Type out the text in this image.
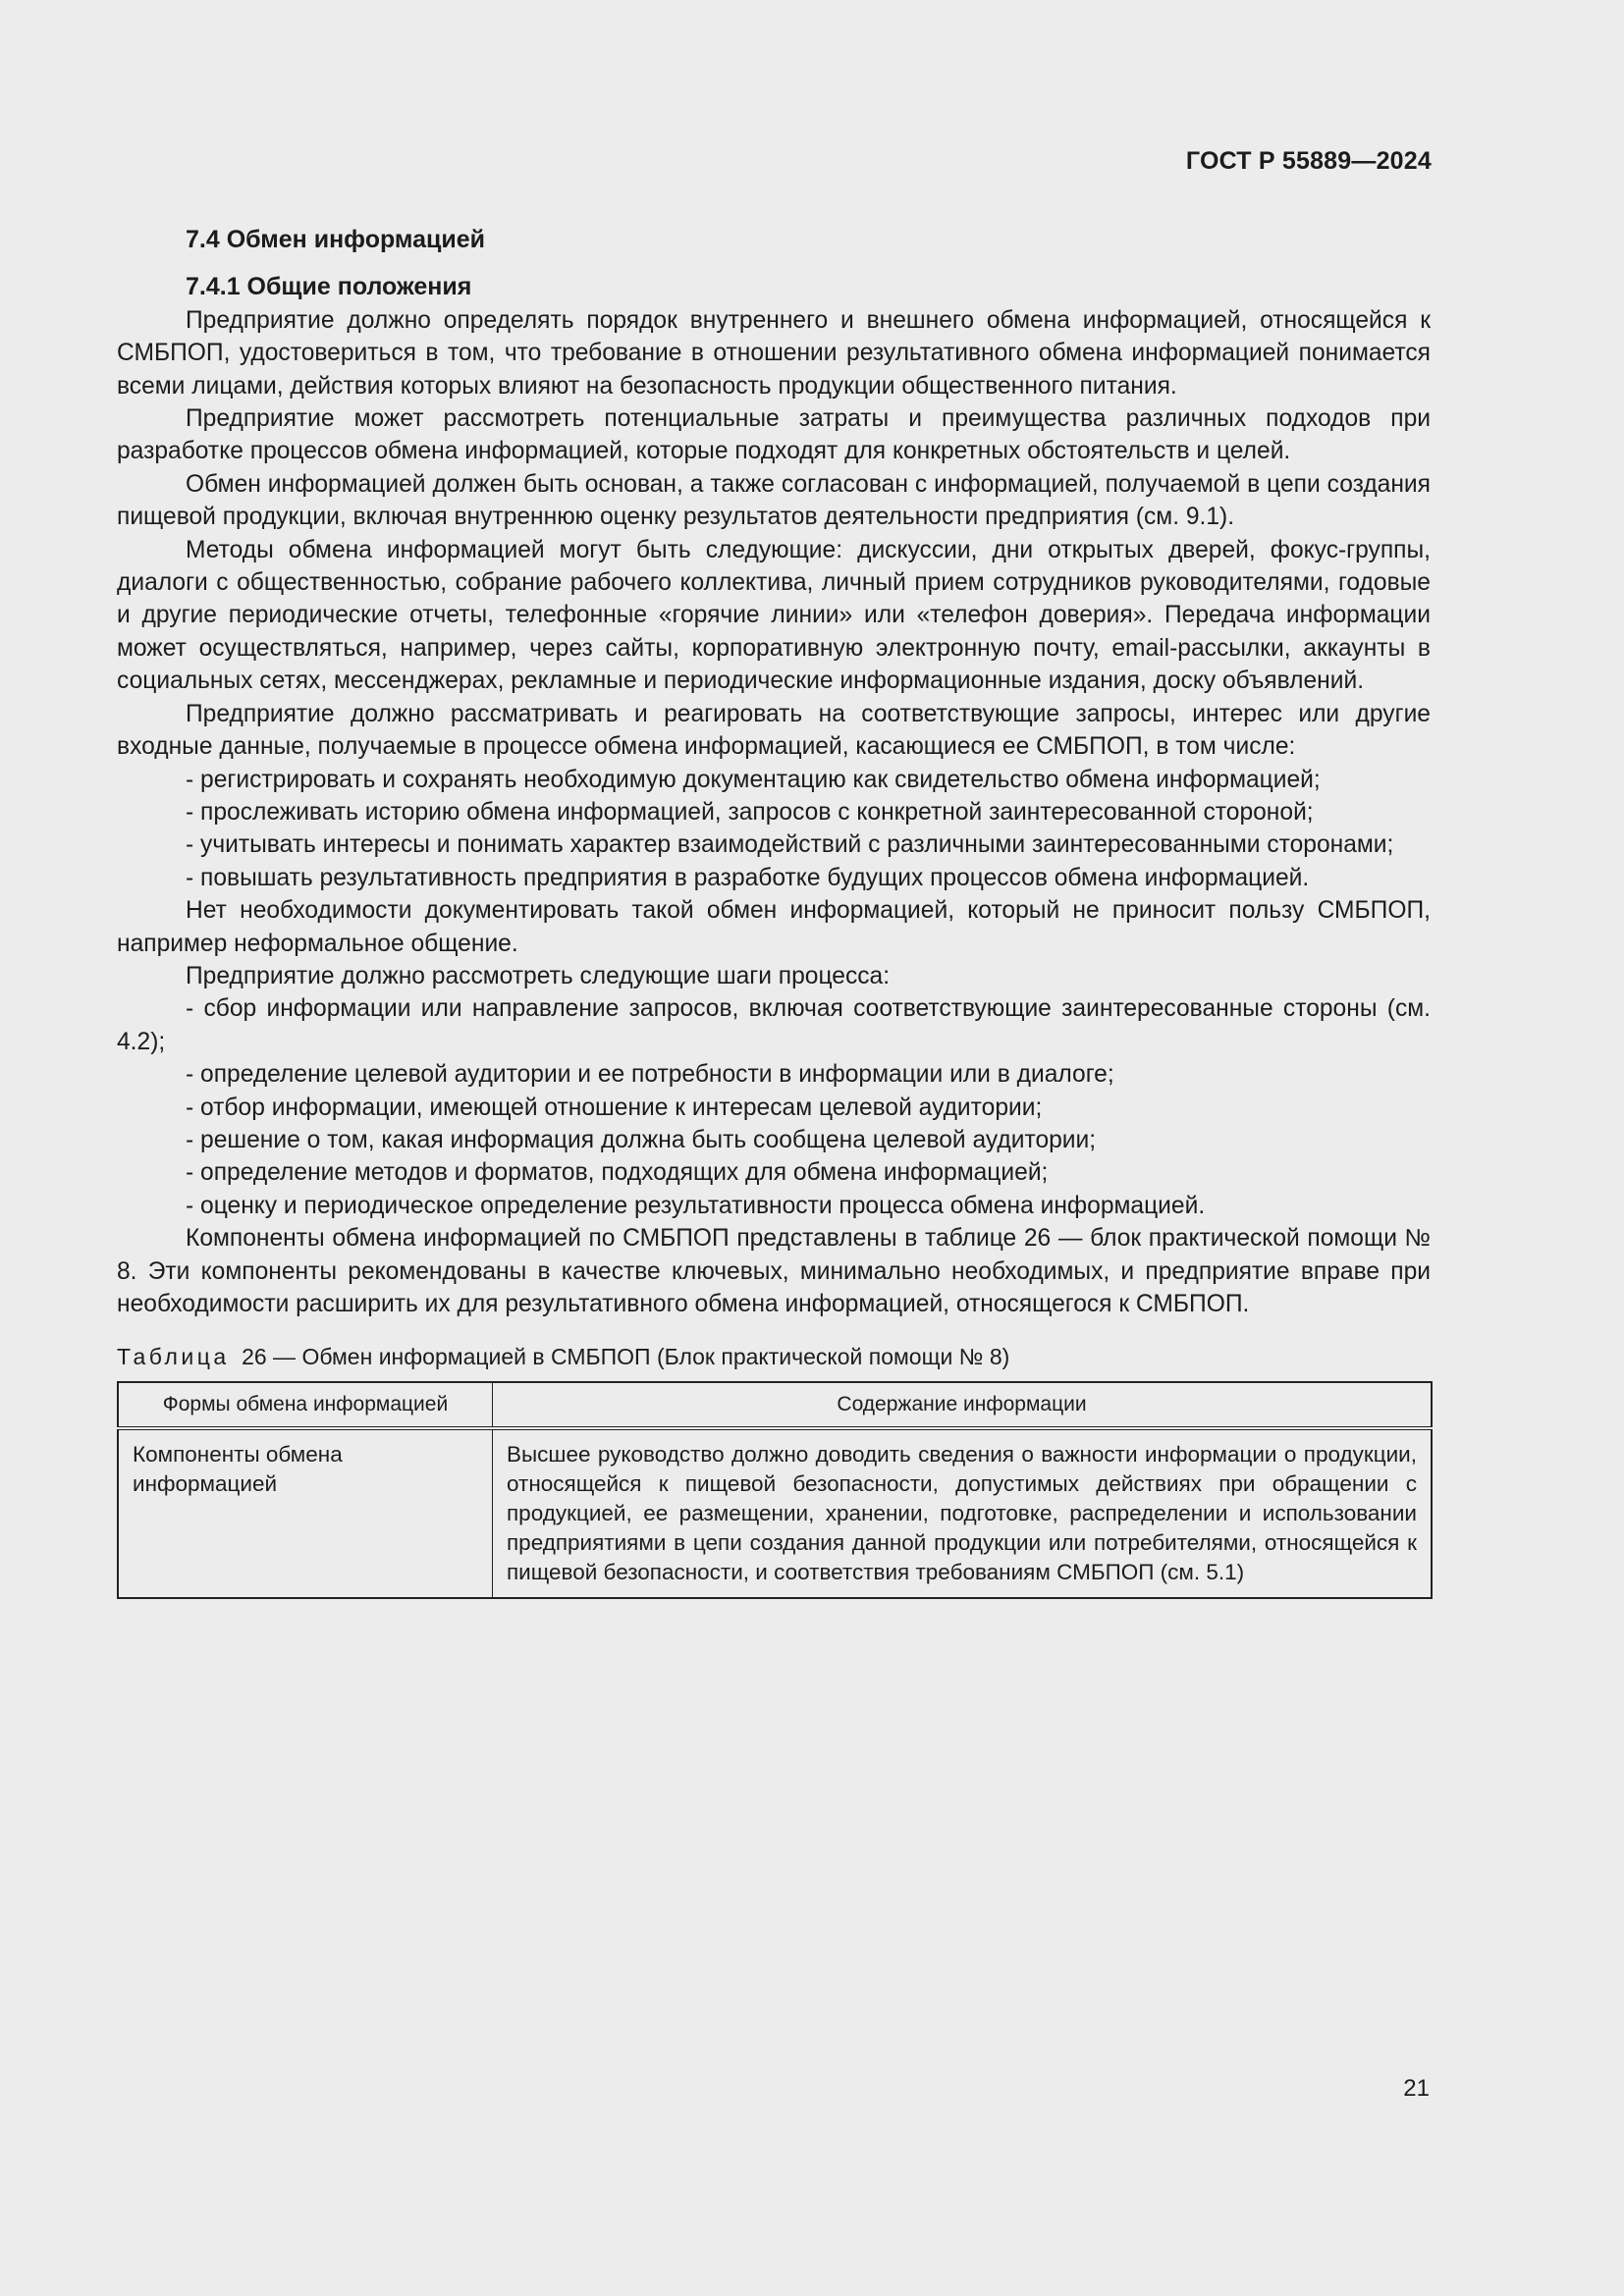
ГОСТ Р 55889—2024
7.4 Обмен информацией
7.4.1 Общие положения

Предприятие должно определять порядок внутреннего и внешнего обмена информацией, относящейся к СМБПОП, удостовериться в том, что требование в отношении результативного обмена информацией понимается всеми лицами, действия которых влияют на безопасность продукции общественного питания.

Предприятие может рассмотреть потенциальные затраты и преимущества различных подходов при разработке процессов обмена информацией, которые подходят для конкретных обстоятельств и целей.

Обмен информацией должен быть основан, а также согласован с информацией, получаемой в цепи создания пищевой продукции, включая внутреннюю оценку результатов деятельности предприятия (см. 9.1).

Методы обмена информацией могут быть следующие: дискуссии, дни открытых дверей, фокус-группы, диалоги с общественностью, собрание рабочего коллектива, личный прием сотрудников руководителями, годовые и другие периодические отчеты, телефонные «горячие линии» или «телефон доверия». Передача информации может осуществляться, например, через сайты, корпоративную электронную почту, email-рассылки, аккаунты в социальных сетях, мессенджерах, рекламные и периодические информационные издания, доску объявлений.

Предприятие должно рассматривать и реагировать на соответствующие запросы, интерес или другие входные данные, получаемые в процессе обмена информацией, касающиеся ее СМБПОП, в том числе:

- регистрировать и сохранять необходимую документацию как свидетельство обмена информацией;

- прослеживать историю обмена информацией, запросов с конкретной заинтересованной стороной;

- учитывать интересы и понимать характер взаимодействий с различными заинтересованными сторонами;

- повышать результативность предприятия в разработке будущих процессов обмена информацией.

Нет необходимости документировать такой обмен информацией, который не приносит пользу СМБПОП, например неформальное общение.

Предприятие должно рассмотреть следующие шаги процесса:

- сбор информации или направление запросов, включая соответствующие заинтересованные стороны (см. 4.2);

- определение целевой аудитории и ее потребности в информации или в диалоге;

- отбор информации, имеющей отношение к интересам целевой аудитории;

- решение о том, какая информация должна быть сообщена целевой аудитории;

- определение методов и форматов, подходящих для обмена информацией;

- оценку и периодическое определение результативности процесса обмена информацией.

Компоненты обмена информацией по СМБПОП представлены в таблице 26 — блок практической помощи № 8. Эти компоненты рекомендованы в качестве ключевых, минимально необходимых, и предприятие вправе при необходимости расширить их для результативного обмена информацией, относящегося к СМБПОП.

Таблица 26 — Обмен информацией в СМБПОП (Блок практической помощи № 8)
Формы обмена информацией	Содержание информации
Компоненты обмена информацией	Высшее руководство должно доводить сведения о важности информации о продукции, относящейся к пищевой безопасности, допустимых действиях при обращении с продукцией, ее размещении, хранении, подготовке, распределении и использовании предприятиями в цепи создания данной продукции или потребителями, относящейся к пищевой безопасности, и соответствия требованиям СМБПОП (см. 5.1)
21
